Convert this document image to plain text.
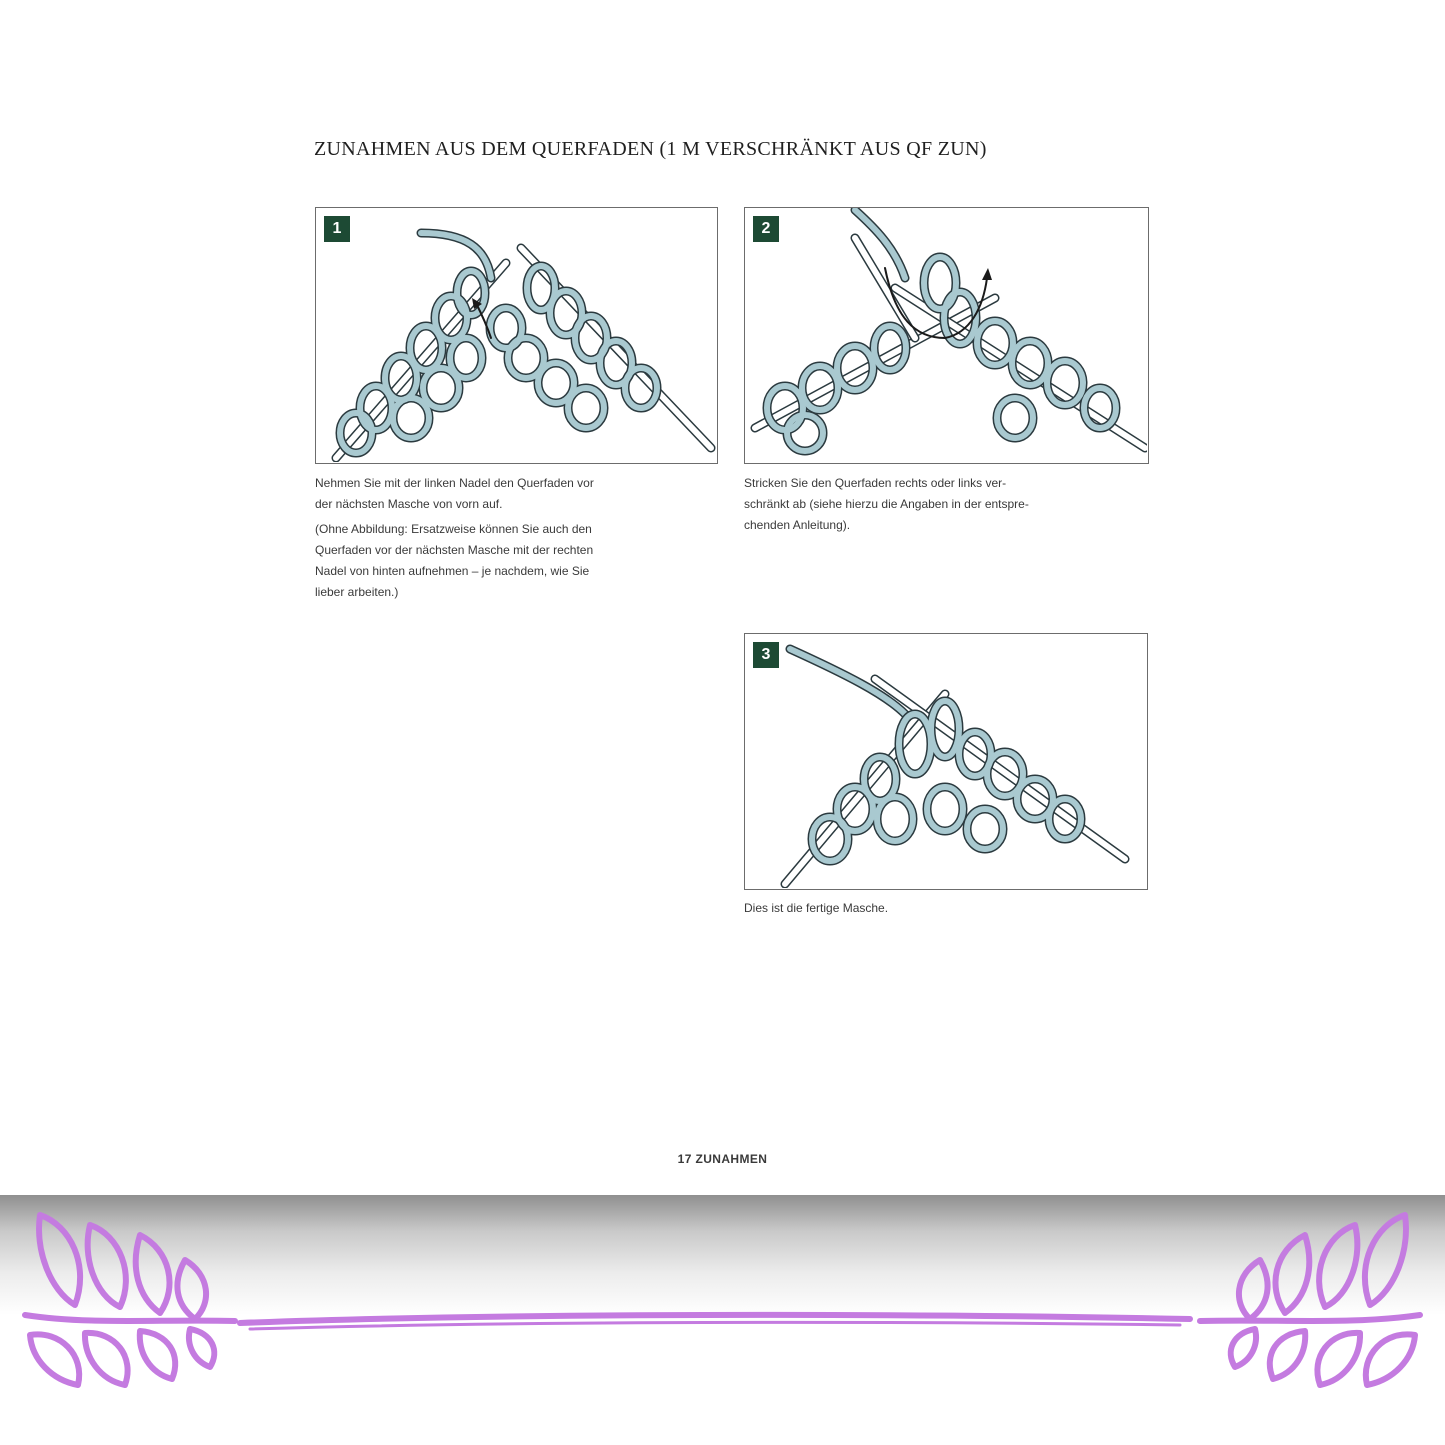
ZUNAHMEN AUS DEM QUERFADEN (1 M VERSCHRÄNKT AUS QF ZUN)
1	2
3

Nehmen Sie mit der linken Nadel den Querfaden vor
der nächsten Masche von vorn auf.

(Ohne Abbildung: Ersatzweise können Sie auch den
Querfaden vor der nächsten Masche mit der rechten
Nadel von hinten aufnehmen – je nachdem, wie Sie
lieber arbeiten.)

Stricken Sie den Querfaden rechts oder links ver-
schränkt ab (siehe hierzu die Angaben in der entspre-
chenden Anleitung).

Dies ist die fertige Masche.

17 ZUNAHMEN
